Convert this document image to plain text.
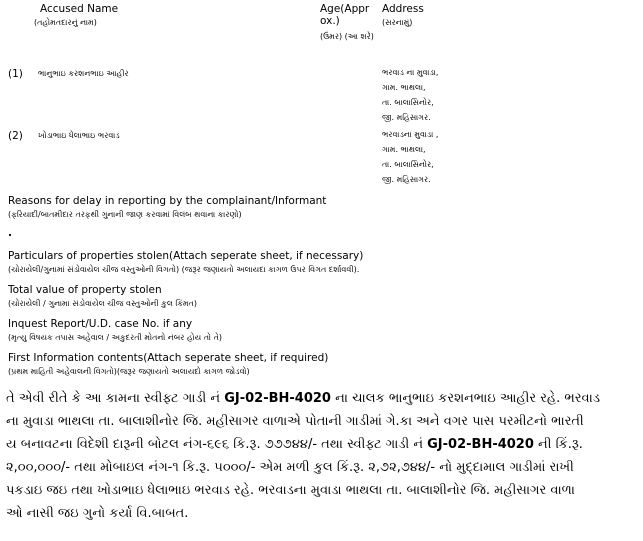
Accused Name
(તહોમતદારનું નામ)
Age(Appr ox.)
(ઉંમર) (આ શરે)
Address
(સરનામું)
(1) ભાનુભાઇ કરશનભાઇ આહીર	ભરવાડ ના મુવાડા,
ગામ. ભાથલા,
તા. બાલાસિનોર,
જી. મહિસાગર.
(2) ખોડાભાઇ ધેલાભાઇ ભરવાડ	ભરવાડના મુવાડા ,
ગામ. ભાથલા,
તા. બાલાસિનોર,
જી. મહિસાગર.
Reasons for delay in reporting by the complainant/Informant
(ફરિયાદી/બાતમીદાર તરફથી ગુનાની જાણ કરવામાં વિલંબ થવાના કારણો)
.
Particulars of properties stolen(Attach seperate sheet, if necessary)
(ચોરાયેલી/ગુનામાં સંડોવાયેલ ચીજ વસ્તુઓની વિગતો) (જરૂર જણાયતો અલાયદા કાગળ ઉપર વિગત દર્શાવવી).
Total value of property stolen
(ચોરાયેલી / ગુનામા સંડોવાયેલ ચીજ વસ્તુઓની કુલ કિંમત)
Inquest Report/U.D. case No. if any
(મૃત્યુ વિષયક તપાસ અહેવાલ / અકુદરતી મોતનો નંબર હોય તો તે)
First Information contents(Attach seperate sheet, if required)
(પ્રથમ માહિતી અહેવાલની વિગતો)(જરૂર જણાયતો અલાયદો કાગળ જોડવો)
તે એવી રીતે કે આ કામના સ્વીફ્ટ ગાડી નં GJ-02-BH-4020 ના ચાલક ભાનુભાઇ કરશનભાઇ આહીર રહે. ભરવાડ
ના મુવાડા ભાથલા તા. બાલાશીનોર જિ. મહીસાગર વાળાએ પોતાની ગાડીમાં ગે.કા અને વગર પાસ પરમીટનો ભારતી
ય બનાવટના વિદેશી દારૂની બોટલ નંગ-૬૯૬ કિ.રૂ. ૭૭૭૪૪/- તથા સ્વીફ્ટ ગાડી નં GJ-02-BH-4020 ની કિં.રૂ.
૨,૦૦,૦૦૦/- તથા મોબાઇલ નંગ-૧ કિ.રૂ. ૫૦૦૦/- એમ મળી કુલ કિં.રૂ. ૨,૭૨,૭૪૪/- નો મુદ્દામાલ ગાડીમાં રાખી
પકડાઇ જઇ તથા ખોડાભાઇ ધેલાભાઇ ભરવાડ રહે. ભરવાડના મુવાડા ભાથલા તા. બાલાશીનોર જિ. મહીસાગર વાળા
ઓ નાસી જઇ ગુનો કર્યા વિ.બાબત.
